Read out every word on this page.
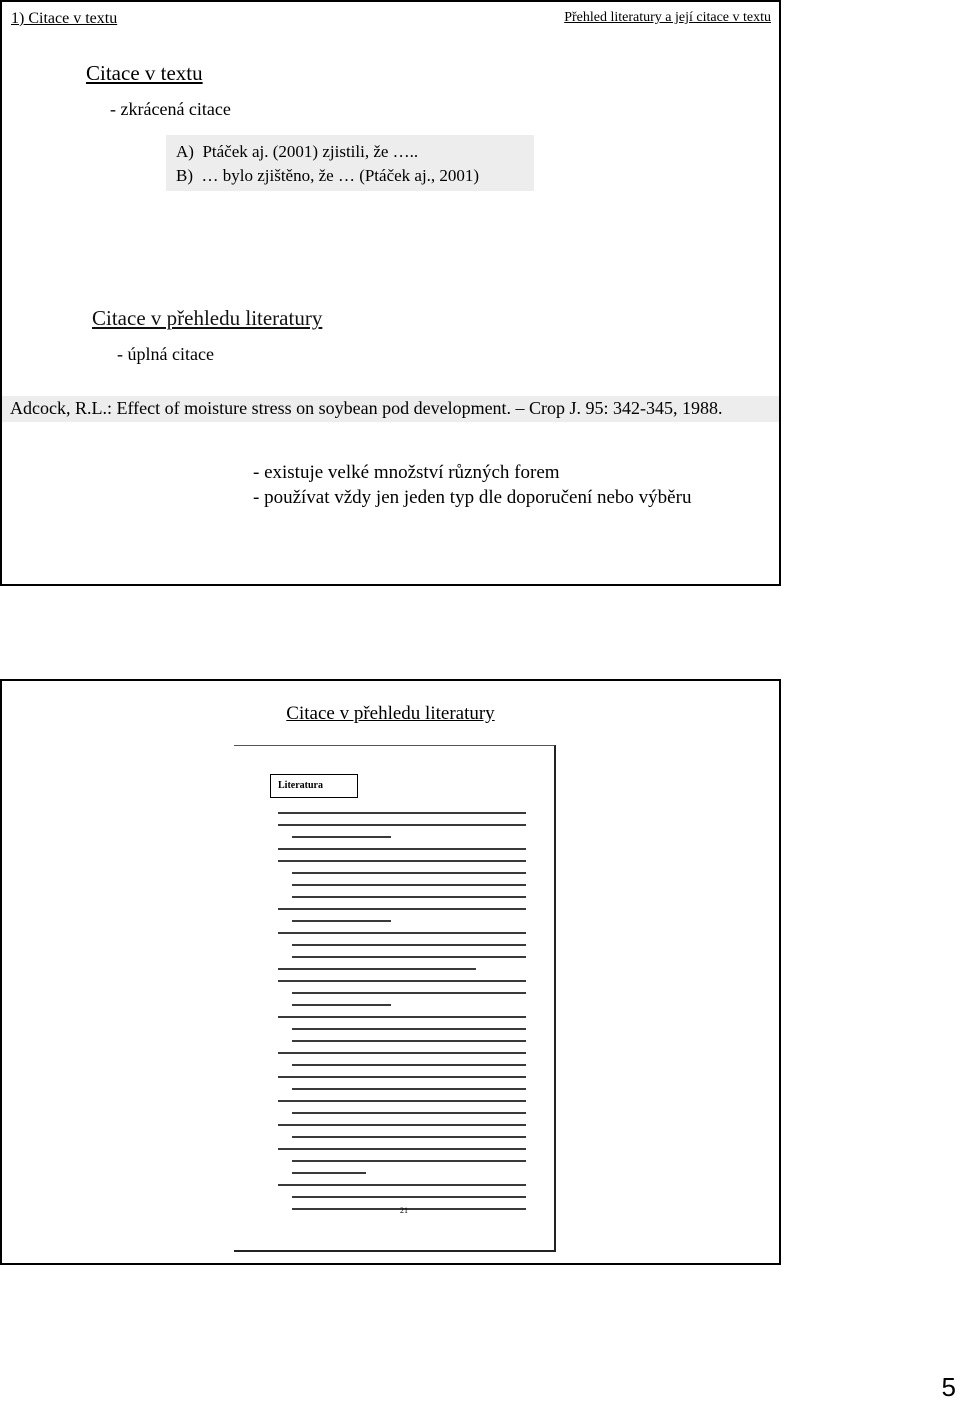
1) Citace v textu	Přehled literatury a její citace v textu
Citace v textu
- zkrácená citace
A) Ptáček aj. (2001) zjistili, že …..
B) … bylo zjištěno, že … (Ptáček aj., 2001)
Citace v přehledu literatury
- úplná citace
Adcock, R.L.: Effect of moisture stress on soybean pod development. – Crop J. 95: 342-345, 1988.
- existuje velké množství různých forem
- používat vždy jen jeden typ dle doporučení nebo výběru
Citace v přehledu literatury
Literatura
21
5
